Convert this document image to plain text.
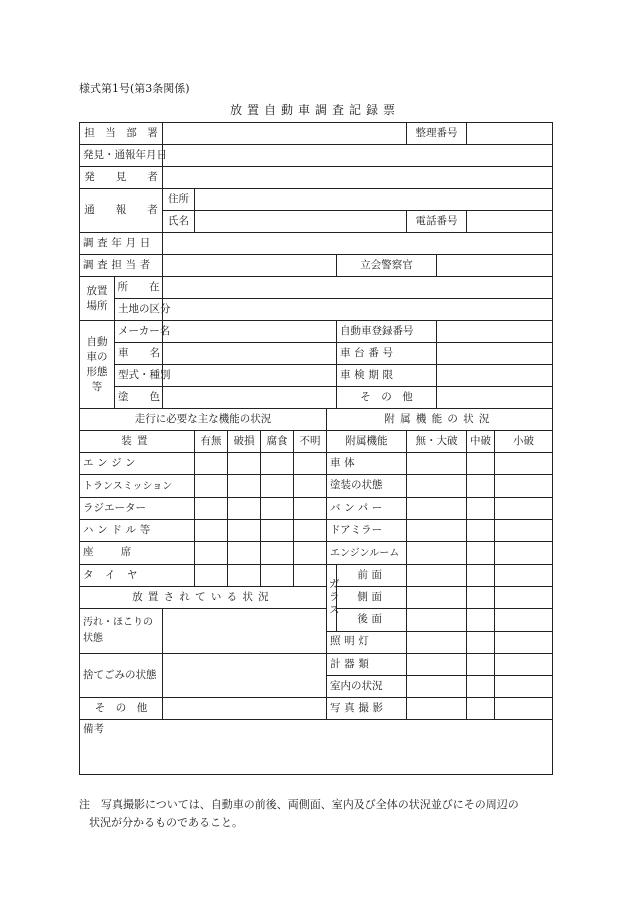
様式第1号(第3条関係)
放置自動車調査記録票
担　当　部　署									整理番号			
発見・通報年月日												
発　　見　　者												
通　　報　　者		住所										
		氏名							電話番号			
調査年月日												
調査担当者								立会警察官				
放置場所	所　　在											
	土地の区分											
自動車の形態等	メーカー名							自動車登録番号				
	車　　名							車台番号				
	型式・種別							車検期限				
	塗　　色							そ　の　他				
走行に必要な主な機能の状況							附属機能の状況					
装置			有無	破損	腐食	不明	附属機能		無・大破		中破	小破
エンジン							車体					
トランスミッション							塗装の状態					
ラジエーター							バンパー					
ハンドル等							ドアミラー					
座席							エンジンルーム					
タイヤ							ガラス	前面				
放置されている状況								側面				
汚れ・ほこりの状態								後面				
							照明灯					
捨てごみの状態							計器類					
							室内の状況					
そ　の　他							写真撮影					
備考												
注　写真撮影については、自動車の前後、両側面、室内及び全体の状況並びにその周辺の
状況が分かるものであること。
